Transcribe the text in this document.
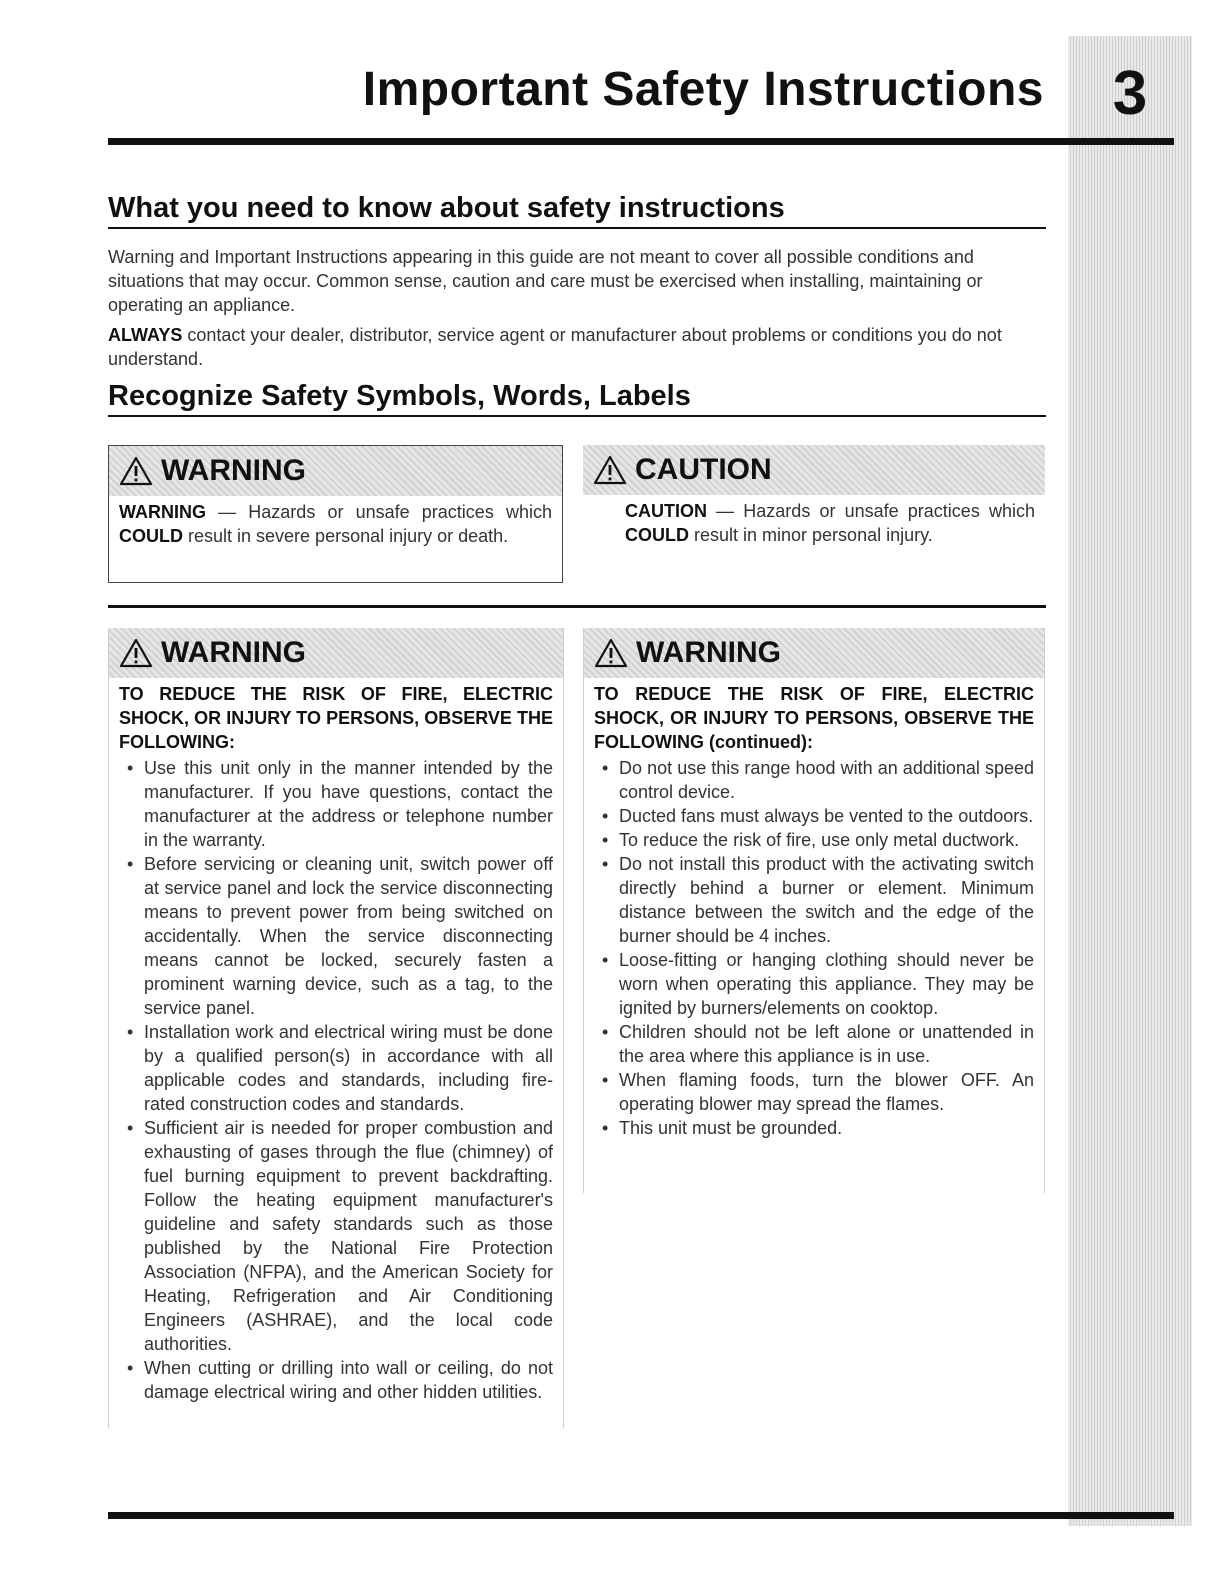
3
Important Safety Instructions
What you need to know about safety instructions
Warning and Important Instructions appearing in this guide are not meant to cover all possible conditions and situations that may occur. Common sense, caution and care must be exercised when installing, maintaining or operating an appliance.
ALWAYS contact your dealer, distributor, service agent or manufacturer about problems or conditions you do not understand.
Recognize Safety Symbols, Words, Labels
WARNING
WARNING — Hazards or unsafe practices which COULD result in severe personal injury or death.
CAUTION
CAUTION — Hazards or unsafe practices which COULD result in minor personal injury.
WARNING
TO REDUCE THE RISK OF FIRE, ELECTRIC SHOCK, OR INJURY TO PERSONS, OBSERVE THE FOLLOWING:
• Use this unit only in the manner intended by the manufacturer. If you have questions, contact the manufacturer at the address or telephone number in the warranty.
• Before servicing or cleaning unit, switch power off at service panel and lock the service disconnecting means to prevent power from being switched on accidentally. When the service disconnecting means cannot be locked, securely fasten a prominent warning device, such as a tag, to the service panel.
• Installation work and electrical wiring must be done by a qualified person(s) in accordance with all applicable codes and standards, including fire-rated construction codes and standards.
• Sufficient air is needed for proper combustion and exhausting of gases through the flue (chimney) of fuel burning equipment to prevent backdrafting. Follow the heating equipment manufacturer's guideline and safety standards such as those published by the National Fire Protection Association (NFPA), and the American Society for Heating, Refrigeration and Air Conditioning Engineers (ASHRAE), and the local code authorities.
• When cutting or drilling into wall or ceiling, do not damage electrical wiring and other hidden utilities.
WARNING
TO REDUCE THE RISK OF FIRE, ELECTRIC SHOCK, OR INJURY TO PERSONS, OBSERVE THE FOLLOWING (continued):
• Do not use this range hood with an additional speed control device.
• Ducted fans must always be vented to the outdoors.
• To reduce the risk of fire, use only metal ductwork.
• Do not install this product with the activating switch directly behind a burner or element. Minimum distance between the switch and the edge of the burner should be 4 inches.
• Loose-fitting or hanging clothing should never be worn when operating this appliance. They may be ignited by burners/elements on cooktop.
• Children should not be left alone or unattended in the area where this appliance is in use.
• When flaming foods, turn the blower OFF. An operating blower may spread the flames.
• This unit must be grounded.
